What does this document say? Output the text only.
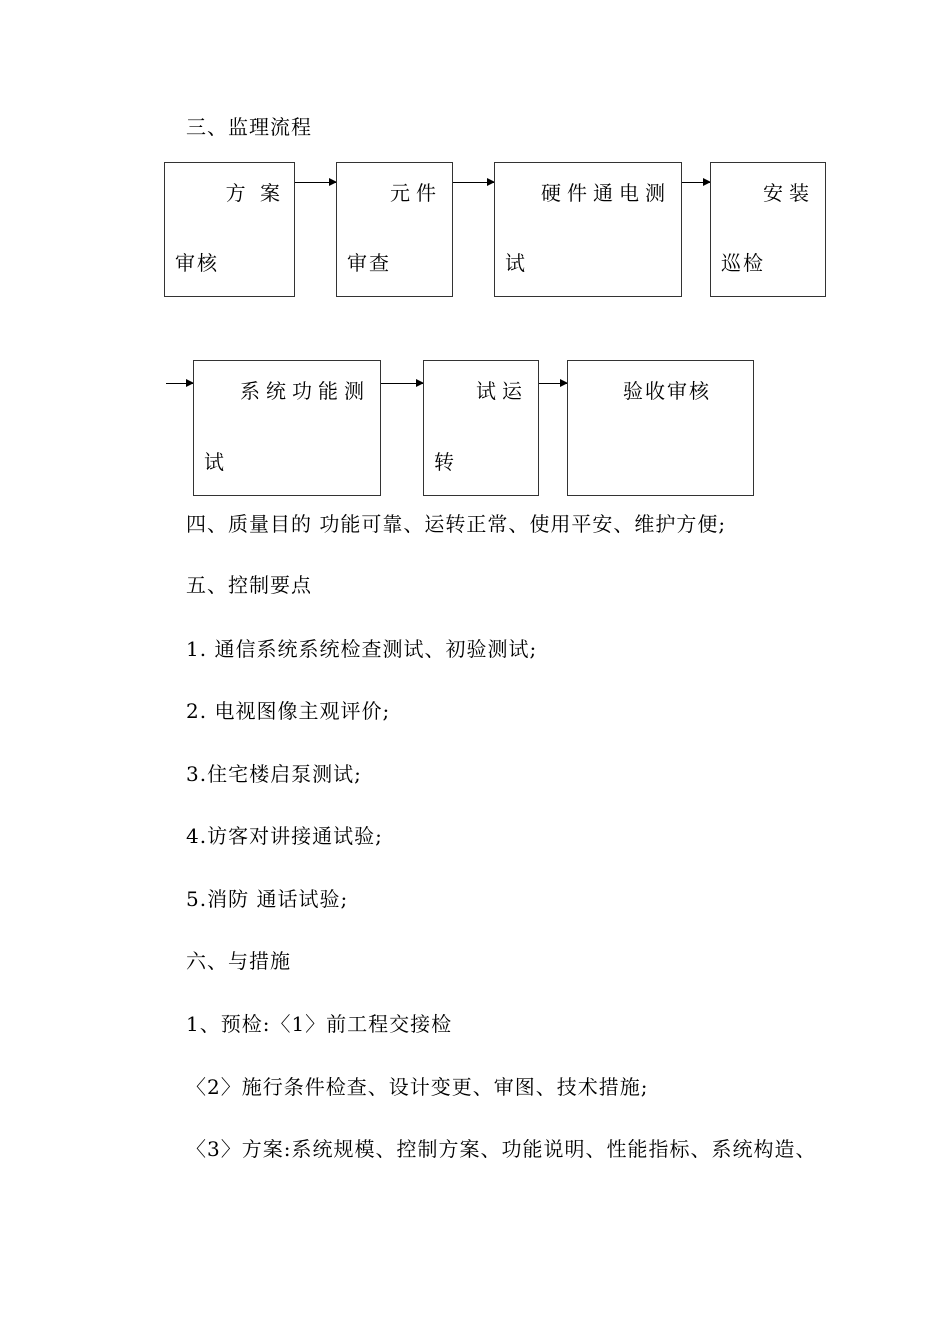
三、监理流程
方 案
审核
元件
审查
硬件通电测
试
安装
巡检
系统功能测
试
试运
转
验收审核
四、质量目的 功能可靠、运转正常、使用平安、维护方便;
五、控制要点
1. 通信系统系统检查测试、初验测试;
2. 电视图像主观评价;
3.住宅楼启泵测试;
4.访客对讲接通试验;
5.消防 通话试验;
六、与措施
1、预检:〈1〉前工程交接检
〈2〉施行条件检查、设计变更、审图、技术措施;
〈3〉方案:系统规模、控制方案、功能说明、性能指标、系统构造、
